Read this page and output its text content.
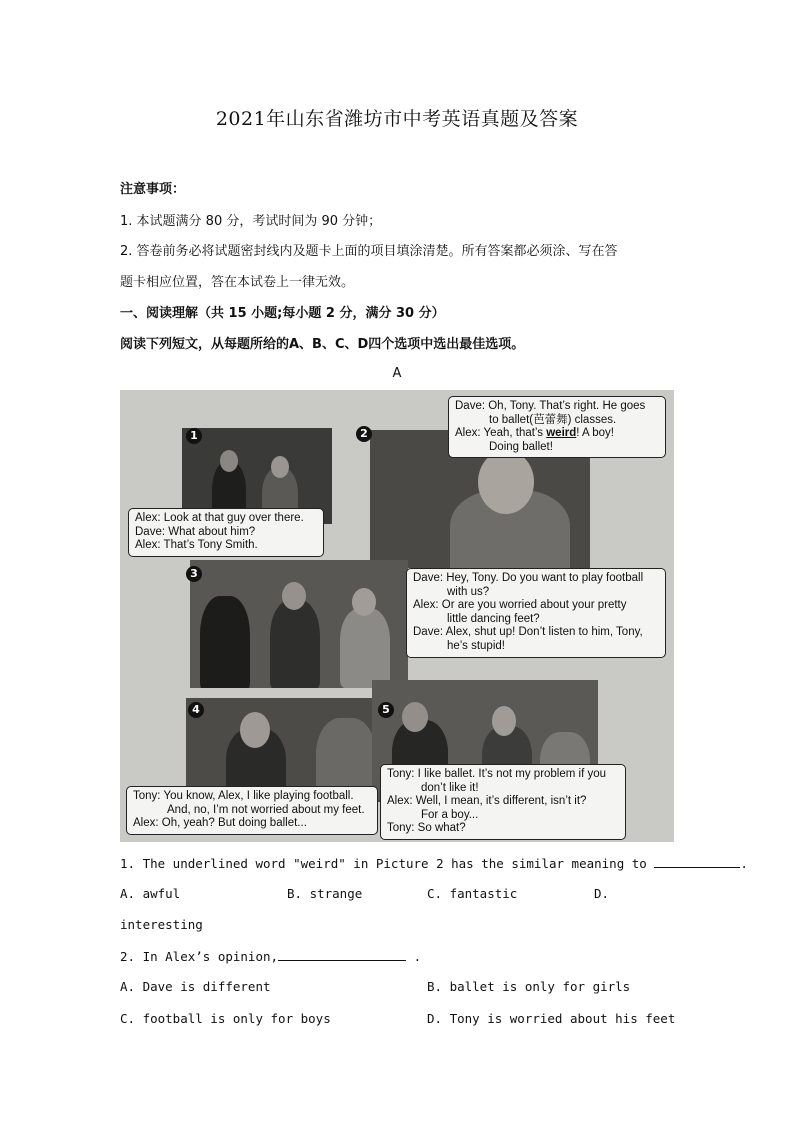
2021年山东省潍坊市中考英语真题及答案
注意事项：
1. 本试题满分 80 分，考试时间为 90 分钟；
2. 答卷前务必将试题密封线内及题卡上面的项目填涂清楚。所有答案都必须涂、写在答
题卡相应位置，答在本试卷上一律无效。
一、阅读理解（共 15 小题;每小题 2 分，满分 30 分）
阅读下列短文，从每题所给的A、B、C、D四个选项中选出最佳选项。
A
1	2
3
4	5
Alex: Look at that guy over there.
Dave: What about him?
Alex: That’s Tony Smith.
Dave: Oh, Tony. That’s right. He goes
to ballet(芭蕾舞) classes.
Alex: Yeah, that’s weird! A boy!
Doing ballet!
Dave: Hey, Tony. Do you want to play football
with us?
Alex: Or are you worried about your pretty
little dancing feet?
Dave: Alex, shut up! Don’t listen to him, Tony,
he’s stupid!
Tony: You know, Alex, I like playing football.
And, no, I’m not worried about my feet.
Alex: Oh, yeah? But doing ballet...
Tony: I like ballet. It’s not my problem if you
don’t like it!
Alex: Well, I mean, it’s different, isn’t it?
For a boy...
Tony: So what?
1. The underlined word "weird" in Picture 2 has the similar meaning to	.
A. awful	B. strange	C. fantastic	D.
interesting
2. In Alex’s opinion,	.
A. Dave is different	B. ballet is only for girls
C. football is only for boys	D. Tony is worried about his feet
